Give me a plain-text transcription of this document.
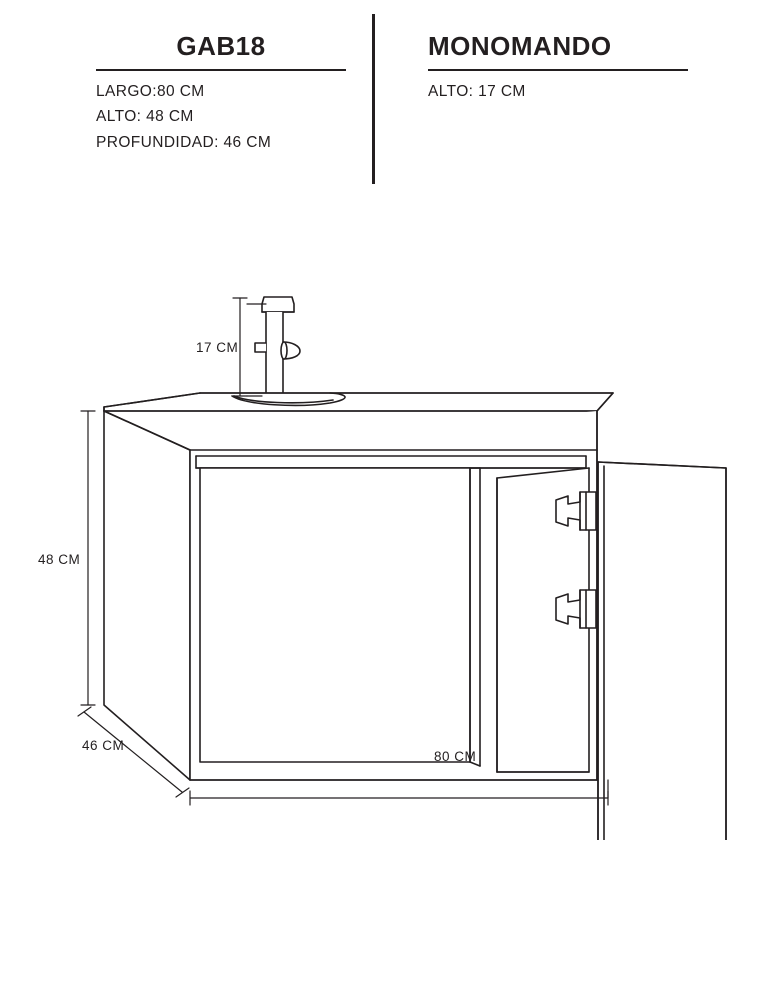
GAB18
LARGO:80 CM
ALTO: 48 CM
PROFUNDIDAD: 46 CM
MONOMANDO
ALTO: 17 CM
17 CM
48 CM
46 CM
80 CM
